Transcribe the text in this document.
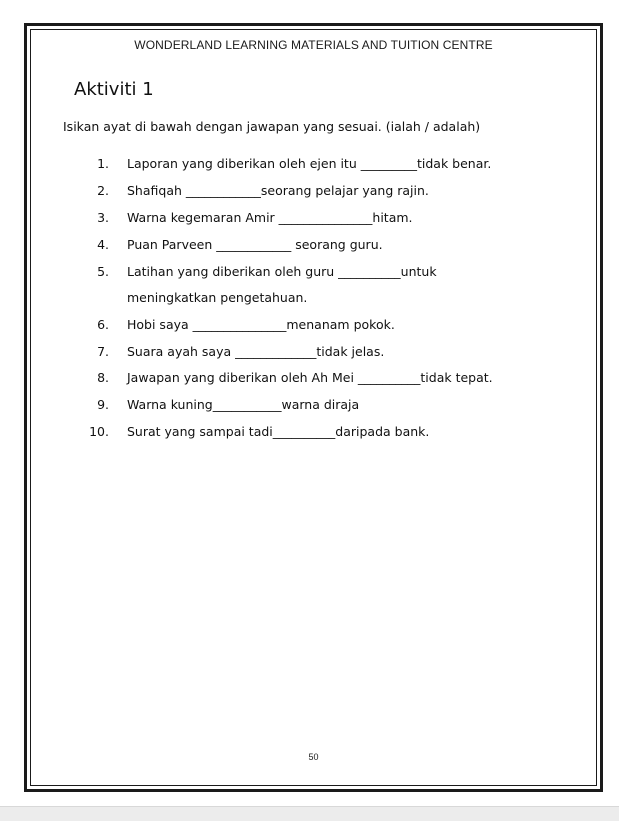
WONDERLAND LEARNING MATERIALS AND TUITION CENTRE
Aktiviti 1
Isikan ayat di bawah dengan jawapan yang sesuai. (ialah / adalah)
1. Laporan yang diberikan oleh ejen itu _________tidak benar.
2. Shafiqah ____________seorang pelajar yang rajin.
3. Warna kegemaran Amir _______________hitam.
4. Puan Parveen ____________ seorang guru.
5. Latihan yang diberikan oleh guru __________untuk
meningkatkan pengetahuan.
6. Hobi saya _______________menanam pokok.
7. Suara ayah saya _____________tidak jelas.
8. Jawapan yang diberikan oleh Ah Mei __________tidak tepat.
9. Warna kuning___________warna diraja
10. Surat yang sampai tadi__________daripada bank.
50
